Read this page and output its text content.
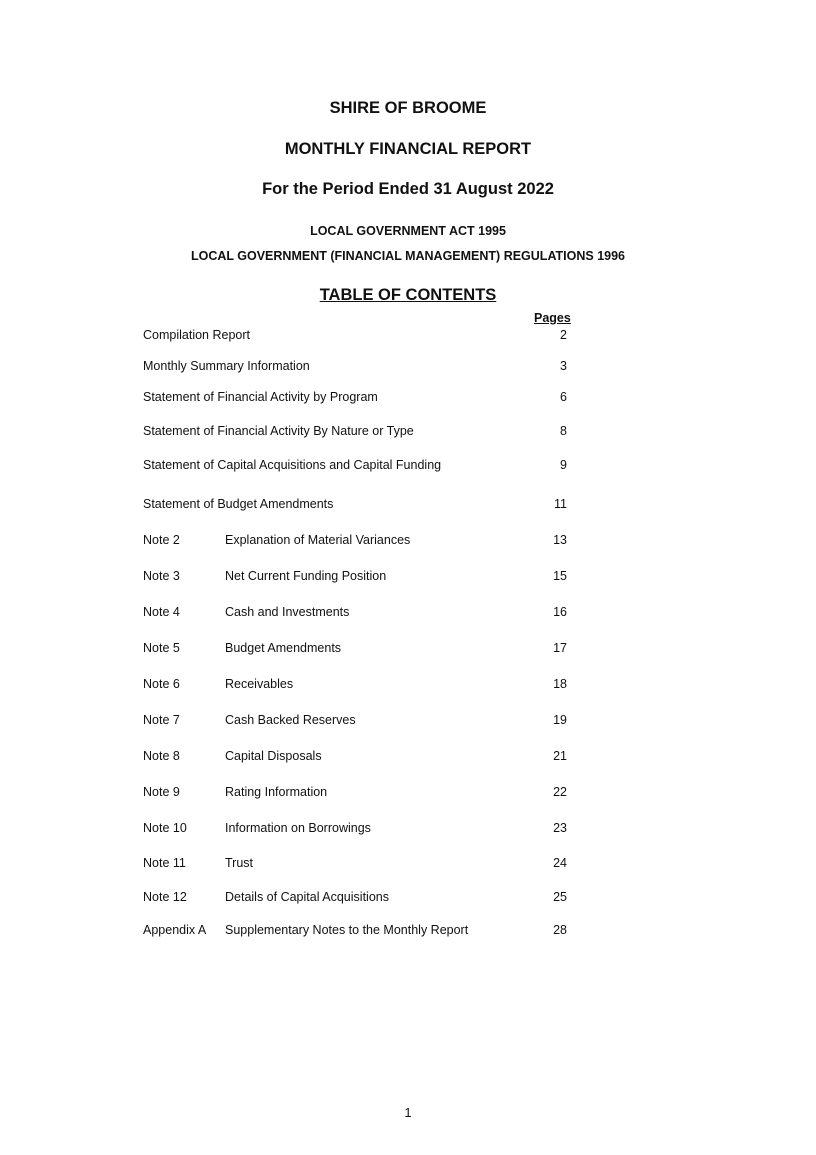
SHIRE OF BROOME
MONTHLY FINANCIAL REPORT
For the Period Ended 31 August 2022
LOCAL GOVERNMENT ACT 1995
LOCAL GOVERNMENT (FINANCIAL MANAGEMENT) REGULATIONS 1996
TABLE OF CONTENTS
Pages
Compilation Report	2
Monthly Summary Information	3
Statement of Financial Activity by Program	6
Statement of Financial Activity By Nature or Type	8
Statement of Capital Acquisitions and Capital Funding	9
Statement of Budget Amendments	11
Note 2	Explanation of Material Variances	13
Note 3	Net Current Funding Position	15
Note 4	Cash and Investments	16
Note 5	Budget Amendments	17
Note 6	Receivables	18
Note 7	Cash Backed Reserves	19
Note 8	Capital Disposals	21
Note 9	Rating Information	22
Note 10	Information on Borrowings	23
Note 11	Trust	24
Note 12	Details of Capital Acquisitions	25
Appendix A Supplementary Notes to the Monthly Report	28
1
